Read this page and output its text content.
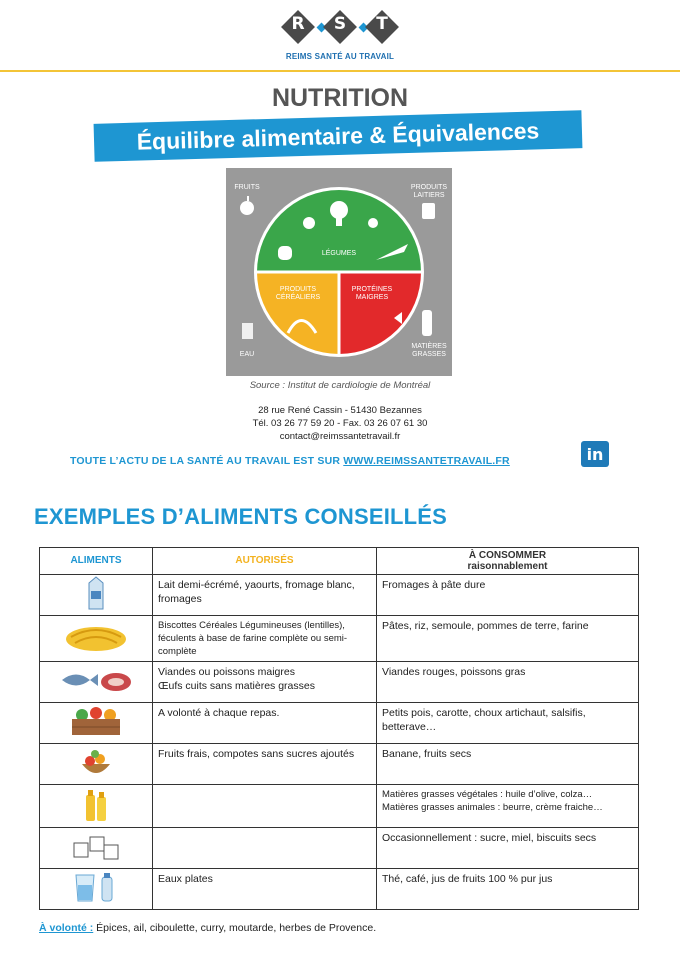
R	S	T
REIMS SANTÉ AU TRAVAIL
NUTRITION
Équilibre alimentaire & Équivalences
FRUITS	PRODUITS
LAITIERS
LÉGUMES
PRODUITS
CÉRÉALIERS
PROTÉINES
MAIGRES
EAU
MATIÈRES
GRASSES
Source : Institut de cardiologie de Montréal
28 rue René Cassin - 51430 Bezannes
Tél. 03 26 77 59 20 - Fax. 03 26 07 61 30
contact@reimssantetravail.fr
TOUTE L’ACTU DE LA SANTÉ AU TRAVAIL EST SUR WWW.REIMSSANTETRAVAIL.FR	in
EXEMPLES D’ALIMENTS CONSEILLÉS
ALIMENTS	AUTORISÉS	À CONSOMMER
raisonnablement

	Lait demi-écrémé, yaourts, fromage blanc, fromages	Fromages à pâte dure
	Biscottes Céréales Légumineuses (lentilles), féculents à base de farine complète ou semi-complète	Pâtes, riz, semoule, pommes de terre, farine
	Viandes ou poissons maigres
Œufs cuits sans matières grasses	Viandes rouges, poissons gras
	A volonté à chaque repas.	Petits pois, carotte, choux artichaut, salsifis, betterave…
	Fruits frais, compotes sans sucres ajoutés	Banane, fruits secs
		Matières grasses végétales : huile d’olive, colza…
Matières grasses animales : beurre, crème fraiche…
		Occasionnellement : sucre, miel, biscuits secs
	Eaux plates	Thé, café, jus de fruits 100 % pur jus
À volonté : Épices, ail, ciboulette, curry, moutarde, herbes de Provence.
